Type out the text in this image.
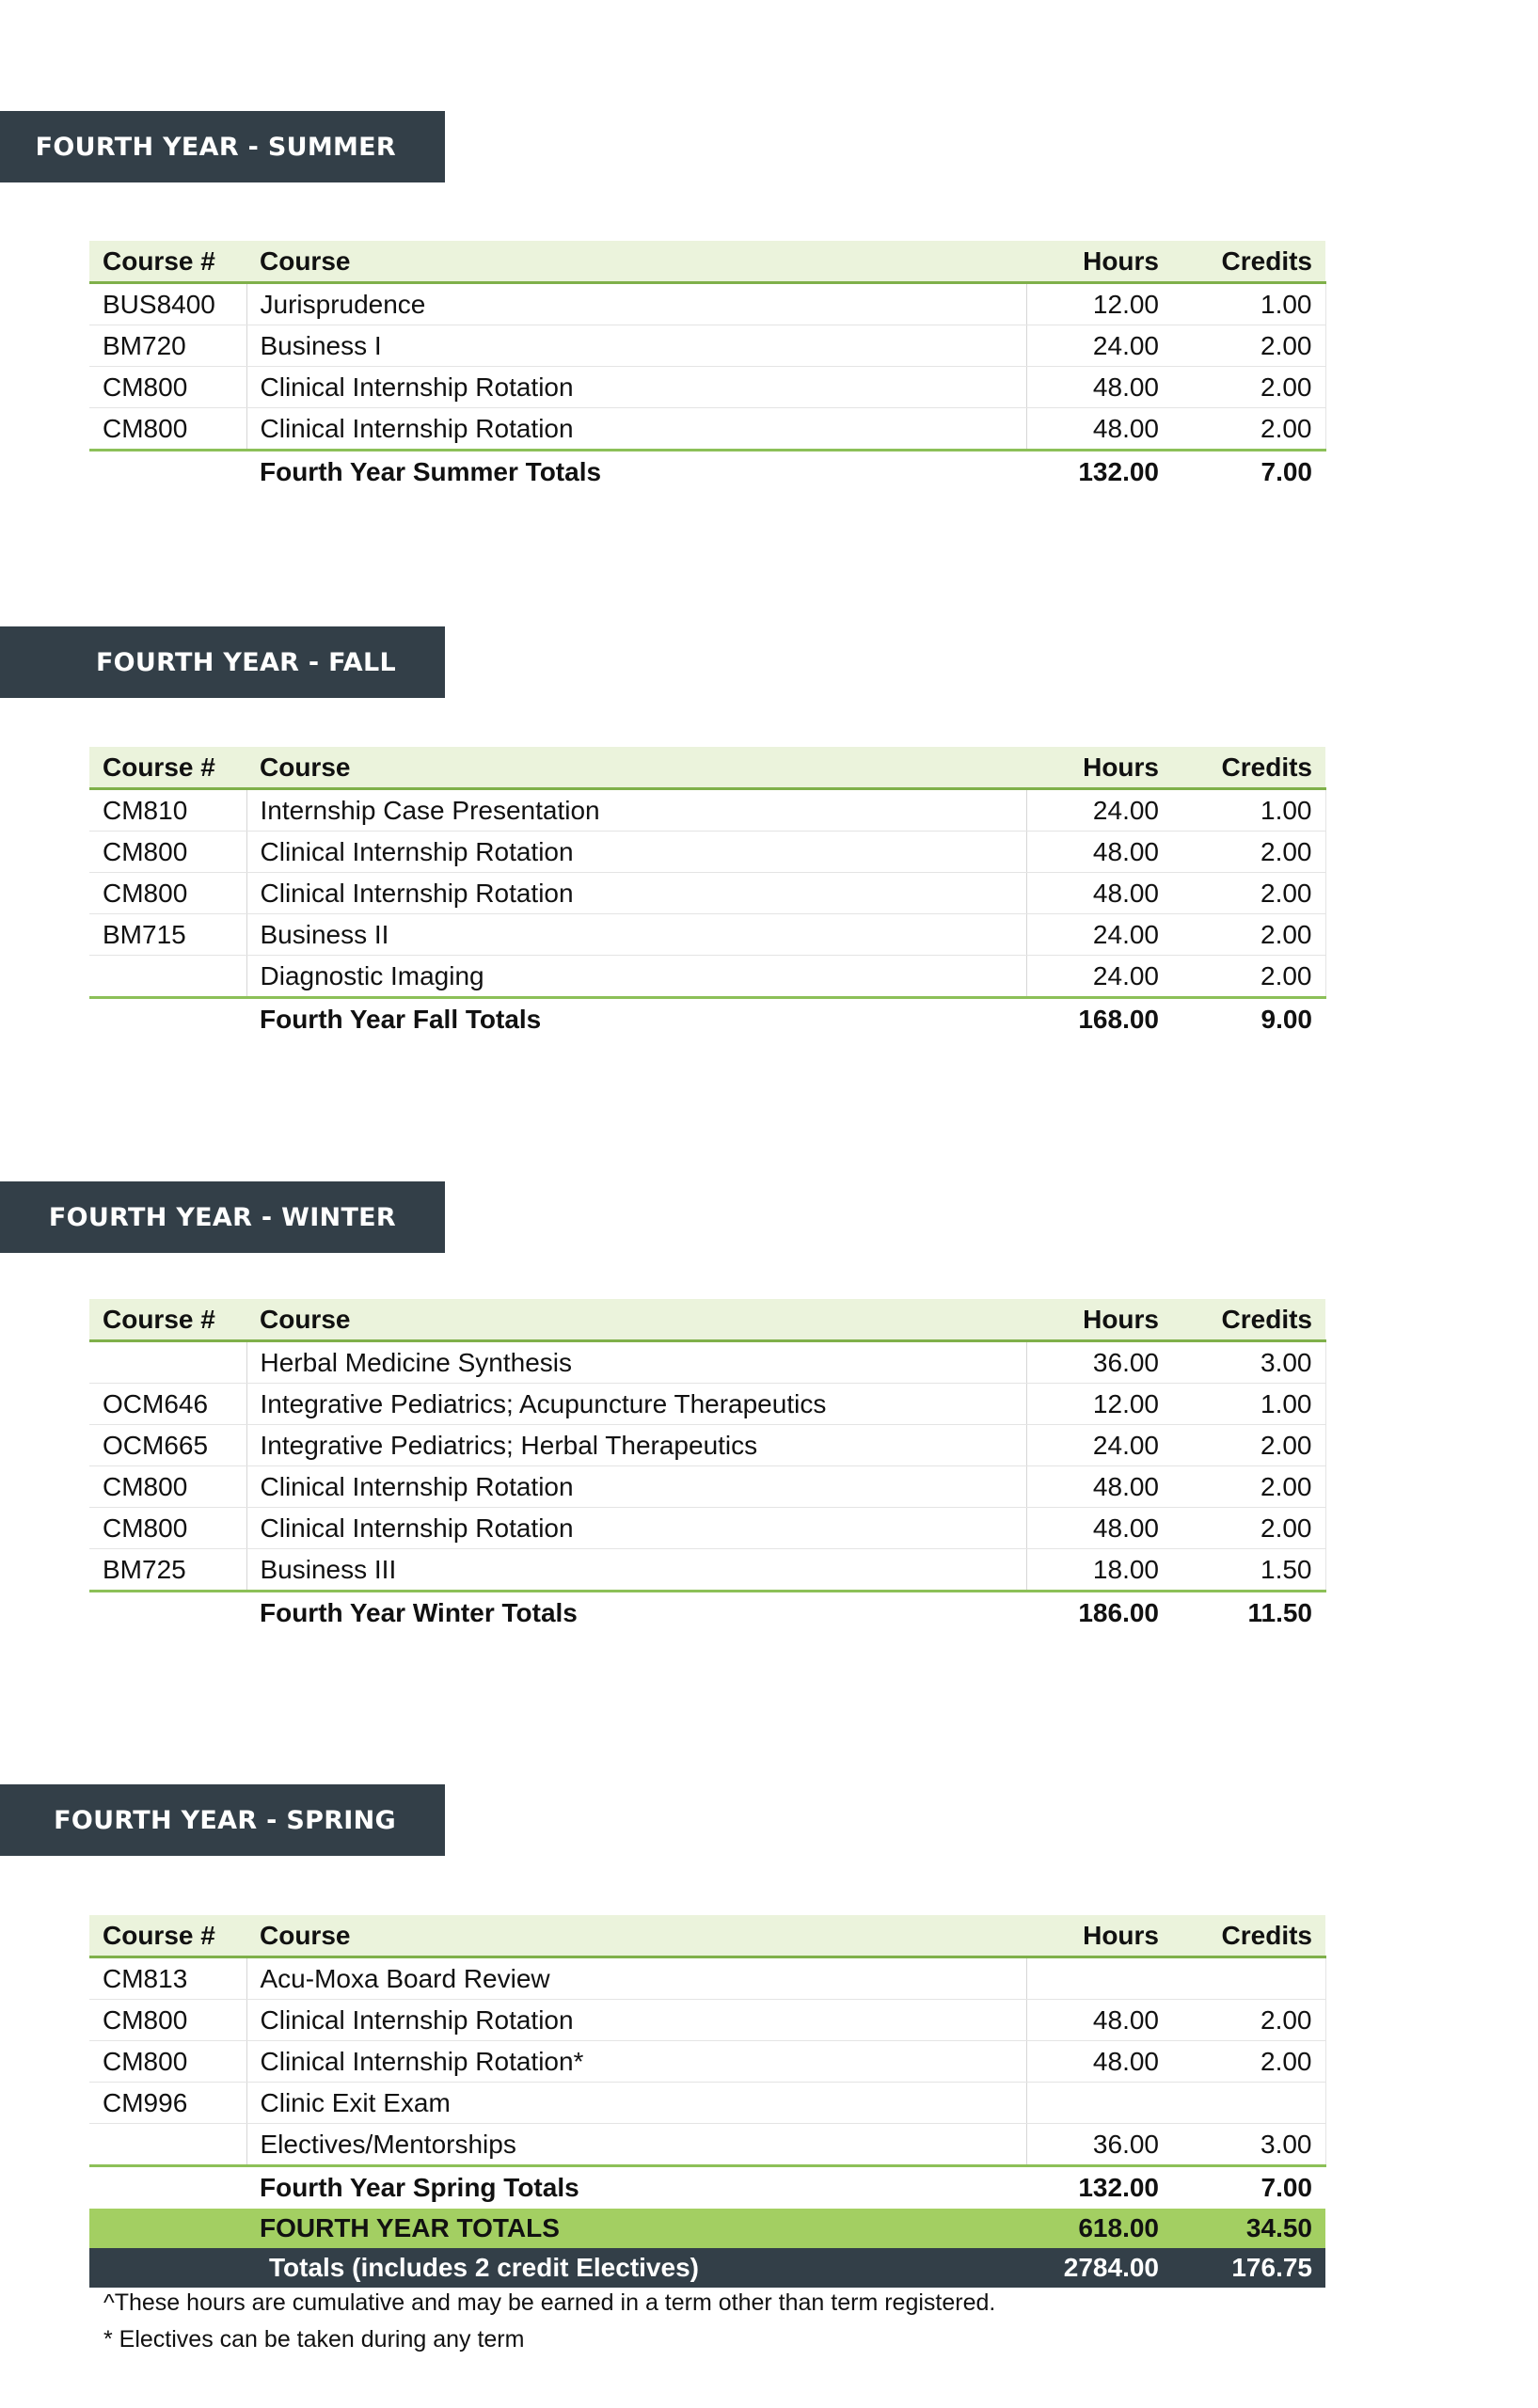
FOURTH YEAR - SUMMER
Course #	Course	Hours	Credits
BUS8400	Jurisprudence	12.00	1.00
BM720	Business I	24.00	2.00
CM800	Clinical Internship Rotation	48.00	2.00
CM800	Clinical Internship Rotation	48.00	2.00
	Fourth Year Summer Totals	132.00	7.00
FOURTH YEAR - FALL
Course #	Course	Hours	Credits
CM810	Internship Case Presentation	24.00	1.00
CM800	Clinical Internship Rotation	48.00	2.00
CM800	Clinical Internship Rotation	48.00	2.00
BM715	Business II	24.00	2.00
	Diagnostic Imaging	24.00	2.00
	Fourth Year Fall Totals	168.00	9.00
FOURTH YEAR - WINTER
Course #	Course	Hours	Credits
	Herbal Medicine Synthesis	36.00	3.00
OCM646	Integrative Pediatrics; Acupuncture Therapeutics	12.00	1.00
OCM665	Integrative Pediatrics; Herbal Therapeutics	24.00	2.00
CM800	Clinical Internship Rotation	48.00	2.00
CM800	Clinical Internship Rotation	48.00	2.00
BM725	Business III	18.00	1.50
	Fourth Year Winter Totals	186.00	11.50
FOURTH YEAR - SPRING
Course #	Course	Hours	Credits
CM813	Acu-Moxa Board Review		
CM800	Clinical Internship Rotation	48.00	2.00
CM800	Clinical Internship Rotation*	48.00	2.00
CM996	Clinic Exit Exam		
	Electives/Mentorships	36.00	3.00
	Fourth Year Spring Totals	132.00	7.00
	FOURTH YEAR TOTALS	618.00	34.50
	Totals (includes 2 credit Electives)	2784.00	176.75
^These hours are cumulative and may be earned in a term other than term registered.
* Electives can be taken during any term
